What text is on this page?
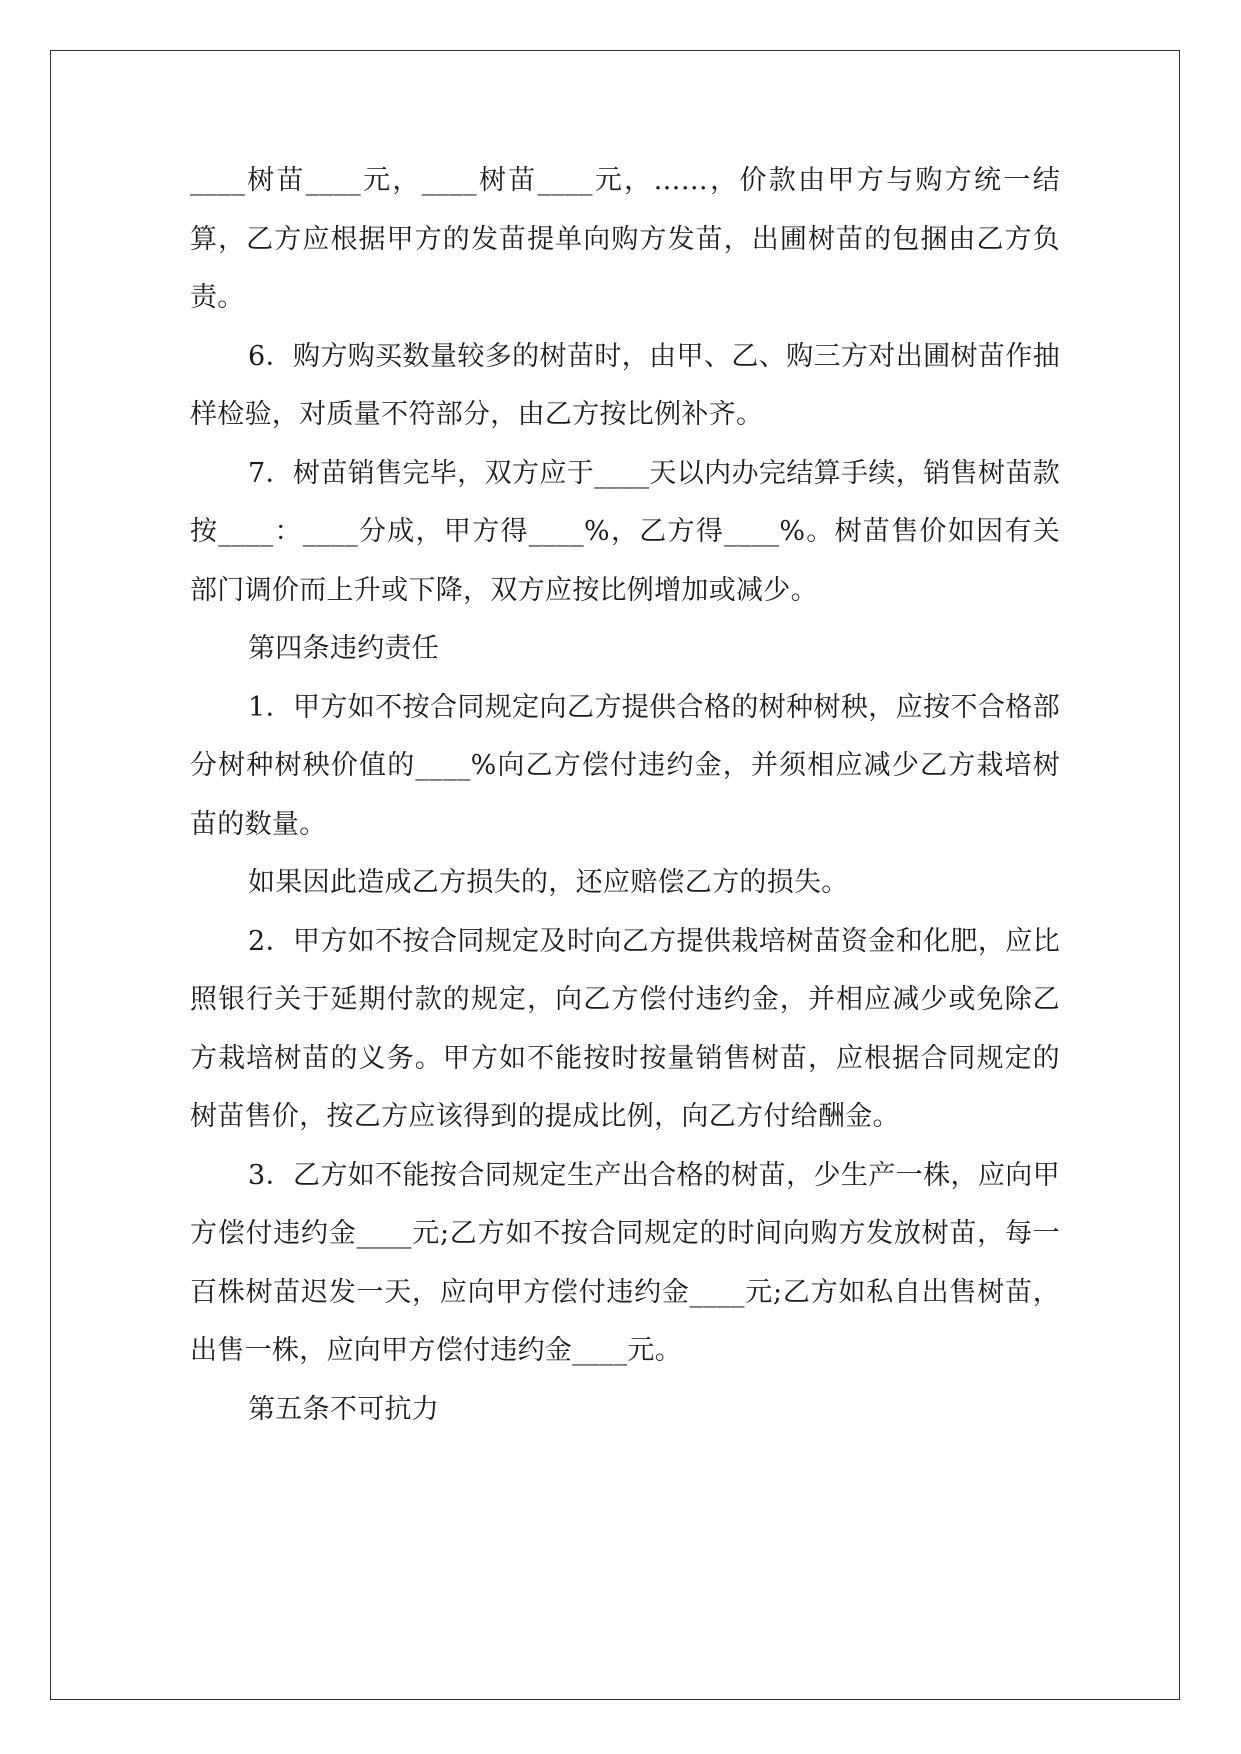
____树苗____元，____树苗____元，……，价款由甲方与购方统一结算，乙方应根据甲方的发苗提单向购方发苗，出圃树苗的包捆由乙方负责。

6．购方购买数量较多的树苗时，由甲、乙、购三方对出圃树苗作抽样检验，对质量不符部分，由乙方按比例补齐。

7．树苗销售完毕，双方应于____天以内办完结算手续，销售树苗款按____：____分成，甲方得____%，乙方得____%。树苗售价如因有关部门调价而上升或下降，双方应按比例增加或减少。

第四条违约责任

1．甲方如不按合同规定向乙方提供合格的树种树秧，应按不合格部分树种树秧价值的____%向乙方偿付违约金，并须相应减少乙方栽培树苗的数量。

如果因此造成乙方损失的，还应赔偿乙方的损失。

2．甲方如不按合同规定及时向乙方提供栽培树苗资金和化肥，应比照银行关于延期付款的规定，向乙方偿付违约金，并相应减少或免除乙方栽培树苗的义务。甲方如不能按时按量销售树苗，应根据合同规定的树苗售价，按乙方应该得到的提成比例，向乙方付给酬金。

3．乙方如不能按合同规定生产出合格的树苗，少生产一株，应向甲方偿付违约金____元;乙方如不按合同规定的时间向购方发放树苗，每一百株树苗迟发一天，应向甲方偿付违约金____元;乙方如私自出售树苗，出售一株，应向甲方偿付违约金____元。

第五条不可抗力
